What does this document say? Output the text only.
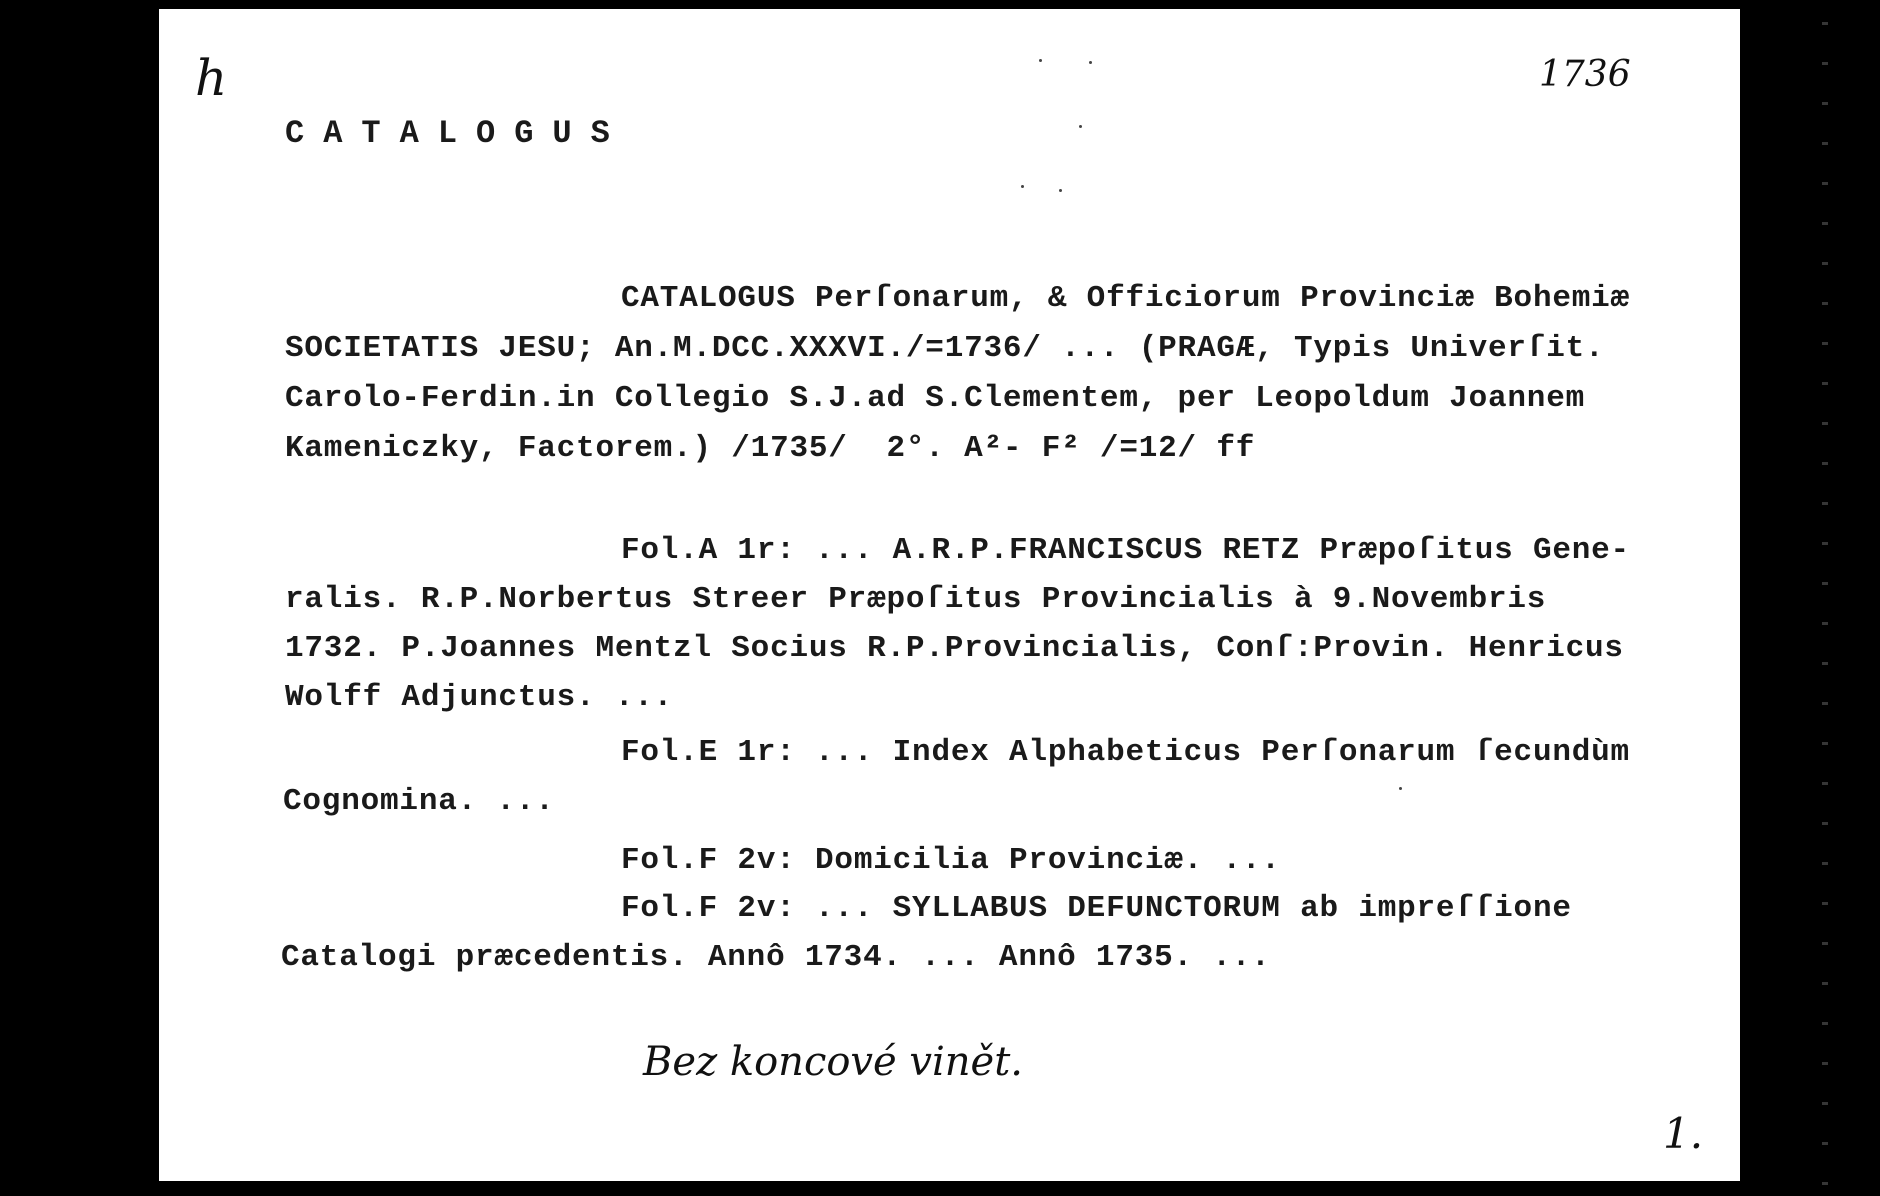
h	1736
CATALOGUS
CATALOGUS Perſonarum, & Officiorum Provinciæ Bohemiæ
SOCIETATIS JESU; An.M.DCC.XXXVI./=1736/ ... (PRAGÆ, Typis Univerſit.
Carolo-Ferdin.in Collegio S.J.ad S.Clementem, per Leopoldum Joannem
Kameniczky, Factorem.) /1735/  2°. A²- F² /=12/ ff
Fol.A 1r: ... A.R.P.FRANCISCUS RETZ Præpoſitus Gene-
ralis. R.P.Norbertus Streer Præpoſitus Provincialis à 9.Novembris
1732. P.Joannes Mentzl Socius R.P.Provincialis, Conſ:Provin. Henricus
Wolff Adjunctus. ...
Fol.E 1r: ... Index Alphabeticus Perſonarum ſecundùm
Cognomina. ...
Fol.F 2v: Domicilia Provinciæ. ...
Fol.F 2v: ... SYLLABUS DEFUNCTORUM ab impreſſione
Catalogi præcedentis. Annô 1734. ... Annô 1735. ...
Bez koncové vinět.
1.
